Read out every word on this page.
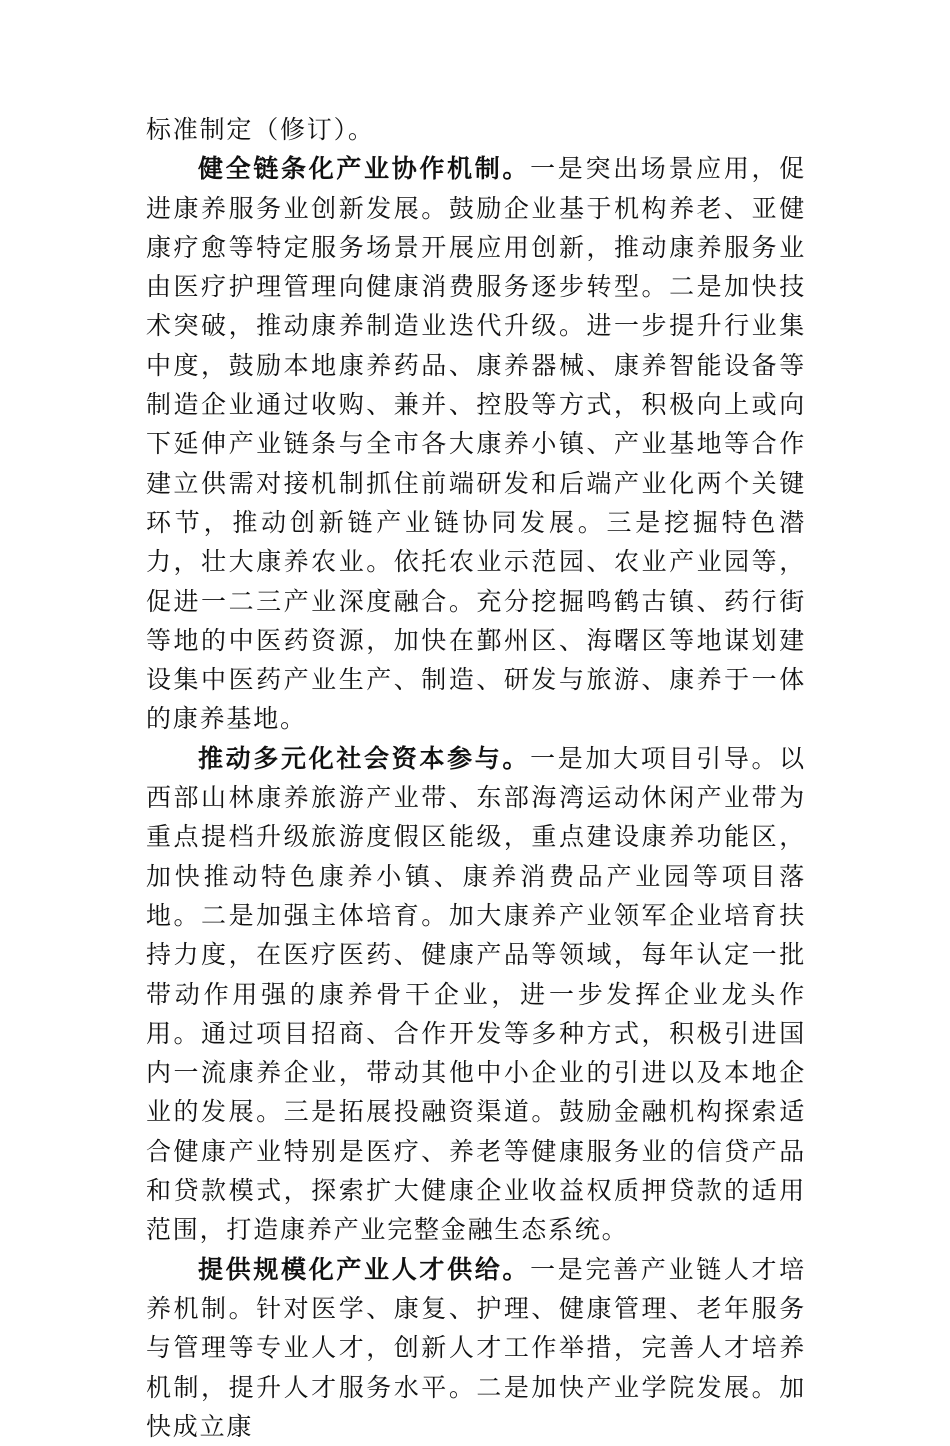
标准制定（修订）。

健全链条化产业协作机制。一是突出场景应用，促进康养服务业创新发展。鼓励企业基于机构养老、亚健康疗愈等特定服务场景开展应用创新，推动康养服务业由医疗护理管理向健康消费服务逐步转型。二是加快技术突破，推动康养制造业迭代升级。进一步提升行业集中度，鼓励本地康养药品、康养器械、康养智能设备等制造企业通过收购、兼并、控股等方式，积极向上或向下延伸产业链条与全市各大康养小镇、产业基地等合作建立供需对接机制抓住前端研发和后端产业化两个关键环节，推动创新链产业链协同发展。三是挖掘特色潜力，壮大康养农业。依托农业示范园、农业产业园等，促进一二三产业深度融合。充分挖掘鸣鹤古镇、药行街等地的中医药资源，加快在鄞州区、海曙区等地谋划建设集中医药产业生产、制造、研发与旅游、康养于一体的康养基地。

推动多元化社会资本参与。一是加大项目引导。以西部山林康养旅游产业带、东部海湾运动休闲产业带为重点提档升级旅游度假区能级，重点建设康养功能区，加快推动特色康养小镇、康养消费品产业园等项目落地。二是加强主体培育。加大康养产业领军企业培育扶持力度，在医疗医药、健康产品等领域，每年认定一批带动作用强的康养骨干企业，进一步发挥企业龙头作用。通过项目招商、合作开发等多种方式，积极引进国内一流康养企业，带动其他中小企业的引进以及本地企业的发展。三是拓展投融资渠道。鼓励金融机构探索适合健康产业特别是医疗、养老等健康服务业的信贷产品和贷款模式，探索扩大健康企业收益权质押贷款的适用范围，打造康养产业完整金融生态系统。

提供规模化产业人才供给。一是完善产业链人才培养机制。针对医学、康复、护理、健康管理、老年服务与管理等专业人才，创新人才工作举措，完善人才培养机制，提升人才服务水平。二是加快产业学院发展。加快成立康
